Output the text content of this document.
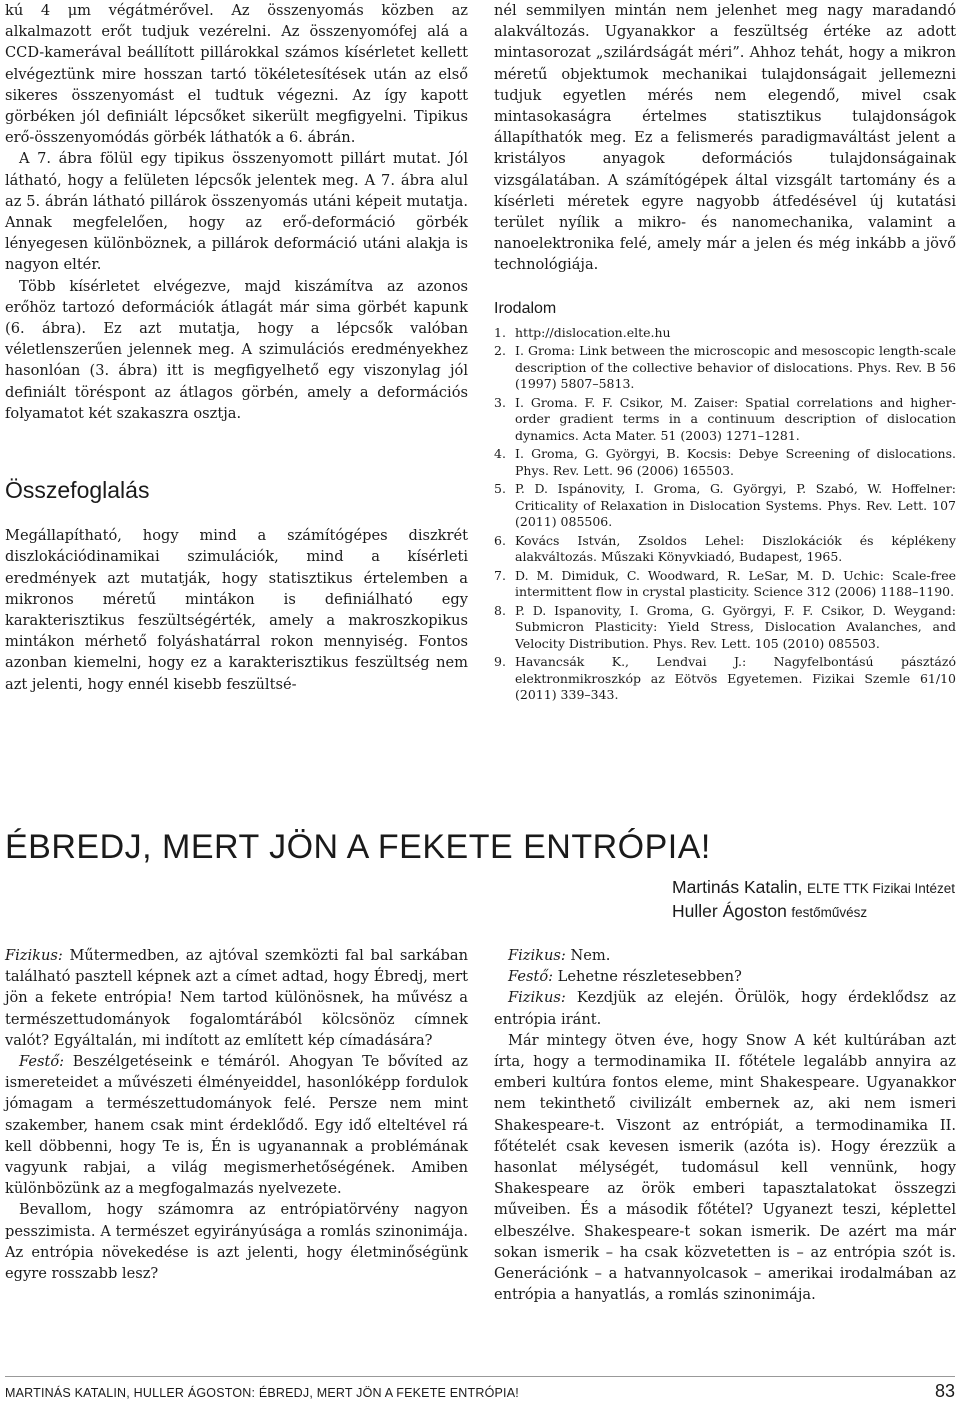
kú 4 μm végátmérővel. Az összenyomás közben az alkalmazott erőt tudjuk vezérelni. Az összenyomófej alá a CCD-kamerával beállított pillárokkal számos kísérletet kellett elvégeztünk mire hosszan tartó tökéletesítések után az első sikeres összenyomást el tudtuk végezni. Az így kapott görbéken jól definiált lépcsőket sikerült megfigyelni. Tipikus erő-összenyomódás görbék láthatók a 6. ábrán.

A 7. ábra fölül egy tipikus összenyomott pillárt mutat. Jól látható, hogy a felületen lépcsők jelentek meg. A 7. ábra alul az 5. ábrán látható pillárok összenyomás utáni képeit mutatja. Annak megfelelően, hogy az erő-deformáció görbék lényegesen különböznek, a pillárok deformáció utáni alakja is nagyon eltér.

Több kísérletet elvégezve, majd kiszámítva az azonos erőhöz tartozó deformációk átlagát már sima görbét kapunk (6. ábra). Ez azt mutatja, hogy a lépcsők valóban véletlenszerűen jelennek meg. A szimulációs eredményekhez hasonlóan (3. ábra) itt is megfigyelhető egy viszonylag jól definiált töréspont az átlagos görbén, amely a deformációs folyamatot két szakaszra osztja.

Összefoglalás

Megállapítható, hogy mind a számítógépes diszkrét diszlokációdinamikai szimulációk, mind a kísérleti eredmények azt mutatják, hogy statisztikus értelemben a mikronos méretű mintákon is definiálható egy karakterisztikus feszültségérték, amely a makroszkopikus mintákon mérhető folyáshatárral rokon mennyiség. Fontos azonban kiemelni, hogy ez a karakterisztikus feszültség nem azt jelenti, hogy ennél kisebb feszültsé-

nél semmilyen mintán nem jelenhet meg nagy maradandó alakváltozás. Ugyanakkor a feszültség értéke az adott mintasorozat „szilárdságát méri”. Ahhoz tehát, hogy a mikron méretű objektumok mechanikai tulajdonságait jellemezni tudjuk egyetlen mérés nem elegendő, mivel csak mintasokaságra értelmes statisztikus tulajdonságok állapíthatók meg. Ez a felismerés paradigmaváltást jelent a kristályos anyagok deformációs tulajdonságainak vizsgálatában. A számítógépek által vizsgált tartomány és a kísérleti méretek egyre nagyobb átfedésével új kutatási terület nyílik a mikro- és nanomechanika, valamint a nanoelektronika felé, amely már a jelen és még inkább a jövő technológiája.

Irodalom
1. http://dislocation.elte.hu
2. I. Groma: Link between the microscopic and mesoscopic length-scale description of the collective behavior of dislocations. Phys. Rev. B 56 (1997) 5807–5813.
3. I. Groma. F. F. Csikor, M. Zaiser: Spatial correlations and higher-order gradient terms in a continuum description of dislocation dynamics. Acta Mater. 51 (2003) 1271–1281.
4. I. Groma, G. Györgyi, B. Kocsis: Debye Screening of dislocations. Phys. Rev. Lett. 96 (2006) 165503.
5. P. D. Ispánovity, I. Groma, G. Györgyi, P. Szabó, W. Hoffelner: Criticality of Relaxation in Dislocation Systems. Phys. Rev. Lett. 107 (2011) 085506.
6. Kovács István, Zsoldos Lehel: Diszlokációk és képlékeny alakváltozás. Műszaki Könyvkiadó, Budapest, 1965.
7. D. M. Dimiduk, C. Woodward, R. LeSar, M. D. Uchic: Scale-free intermittent flow in crystal plasticity. Science 312 (2006) 1188–1190.
8. P. D. Ispanovity, I. Groma, G. Györgyi, F. F. Csikor, D. Weygand: Submicron Plasticity: Yield Stress, Dislocation Avalanches, and Velocity Distribution. Phys. Rev. Lett. 105 (2010) 085503.
9. Havancsák K., Lendvai J.: Nagyfelbontású pásztázó elektronmikroszkóp az Eötvös Egyetemen. Fizikai Szemle 61/10 (2011) 339–343.
ÉBREDJ, MERT JÖN A FEKETE ENTRÓPIA!
Martinás Katalin, ELTE TTK Fizikai Intézet
Huller Ágoston festőművész

Fizikus: Műtermedben, az ajtóval szemközti fal bal sarkában található pasztell képnek azt a címet adtad, hogy Ébredj, mert jön a fekete entrópia! Nem tartod különösnek, ha művész a természettudományok fogalomtárából kölcsönöz címnek valót? Egyáltalán, mi indított az említett kép címadására?

Festő: Beszélgetéseink e témáról. Ahogyan Te bővíted az ismereteidet a művészeti élményeiddel, hasonlóképp fordulok jómagam a természettudományok felé. Persze nem mint szakember, hanem csak mint érdeklődő. Egy idő elteltével rá kell döbbenni, hogy Te is, Én is ugyanannak a problémának vagyunk rabjai, a világ megismerhetőségének. Amiben különbözünk az a megfogalmazás nyelvezete.

Bevallom, hogy számomra az entrópiatörvény nagyon pesszimista. A természet egyirányúsága a romlás szinonimája. Az entrópia növekedése is azt jelenti, hogy életminőségünk egyre rosszabb lesz?

Fizikus: Nem.

Festő: Lehetne részletesebben?

Fizikus: Kezdjük az elején. Örülök, hogy érdeklődsz az entrópia iránt.

Már mintegy ötven éve, hogy Snow A két kultúrában azt írta, hogy a termodinamika II. főtétele legalább annyira az emberi kultúra fontos eleme, mint Shakespeare. Ugyanakkor nem tekinthető civilizált embernek az, aki nem ismeri Shakespeare-t. Viszont az entrópiát, a termodinamika II. főtételét csak kevesen ismerik (azóta is). Hogy érezzük a hasonlat mélységét, tudomásul kell vennünk, hogy Shakespeare az örök emberi tapasztalatokat összegzi műveiben. És a második főtétel? Ugyanezt teszi, képlettel elbeszélve. Shakespeare-t sokan ismerik. De azért ma már sokan ismerik – ha csak közvetetten is – az entrópia szót is. Generációnk – a hatvannyolcasok – amerikai irodalmában az entrópia a hanyatlás, a romlás szinonimája.

MARTINÁS KATALIN, HULLER ÁGOSTON: ÉBREDJ, MERT JÖN A FEKETE ENTRÓPIA!	83
